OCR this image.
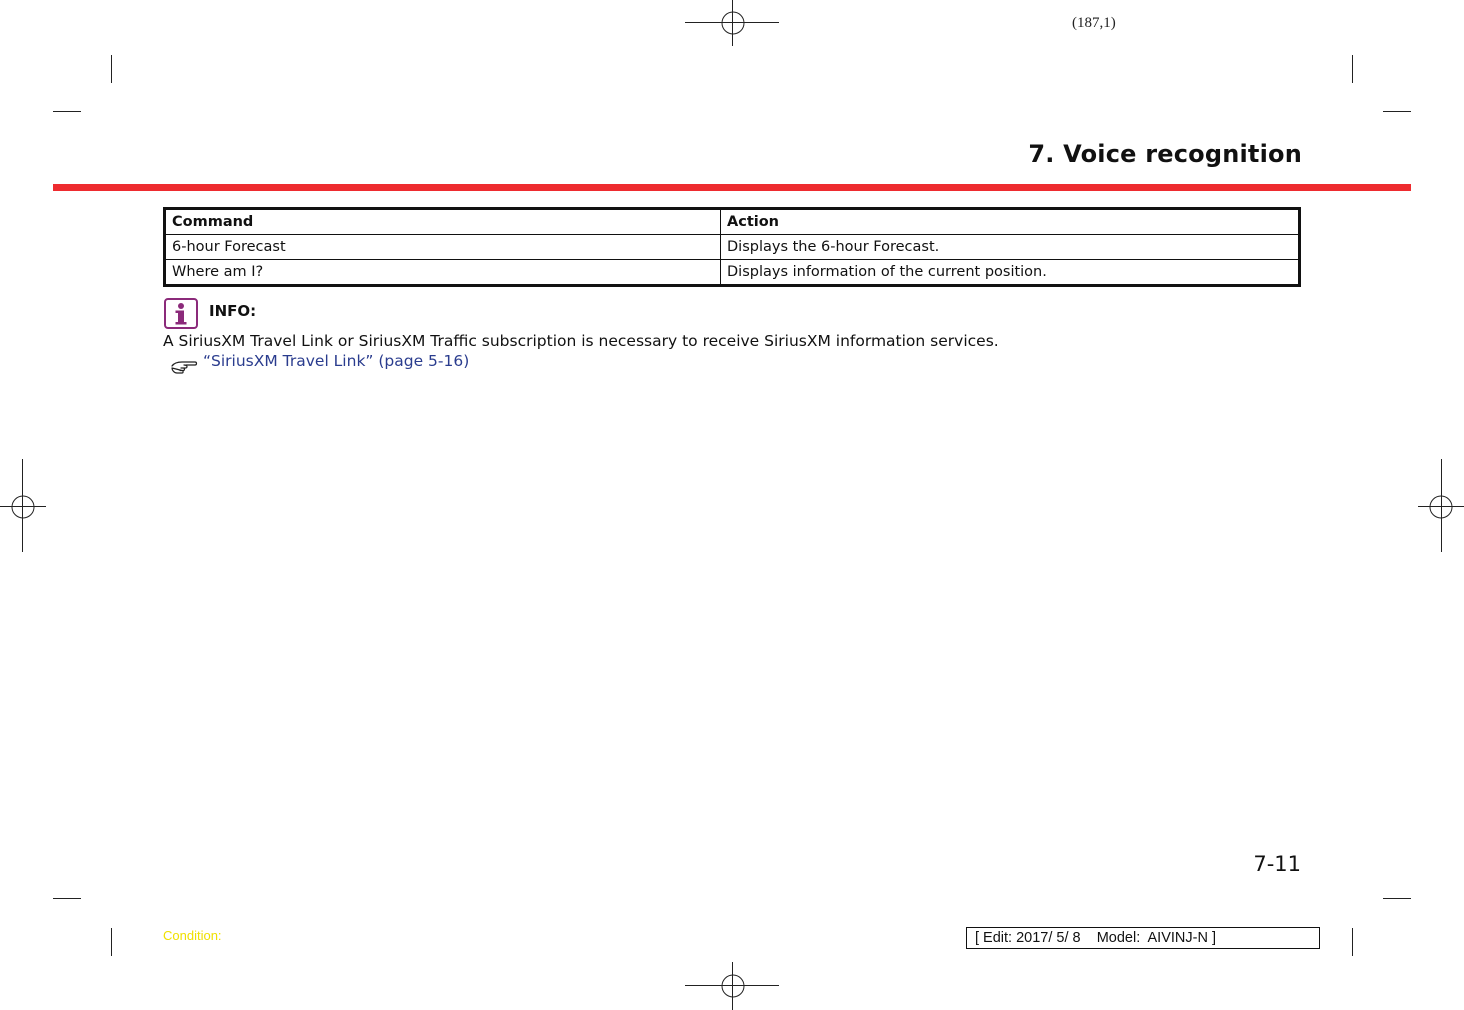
(187,1)
7. Voice recognition
Command	Action
6-hour Forecast	Displays the 6-hour Forecast.
Where am I?	Displays information of the current position.
INFO:
A SiriusXM Travel Link or SiriusXM Traffic subscription is necessary to receive SiriusXM information services.
“SiriusXM Travel Link” (page 5-16)
7-11
Condition:	[ Edit: 2017/ 5/ 8    Model:  AIVINJ-N ]
